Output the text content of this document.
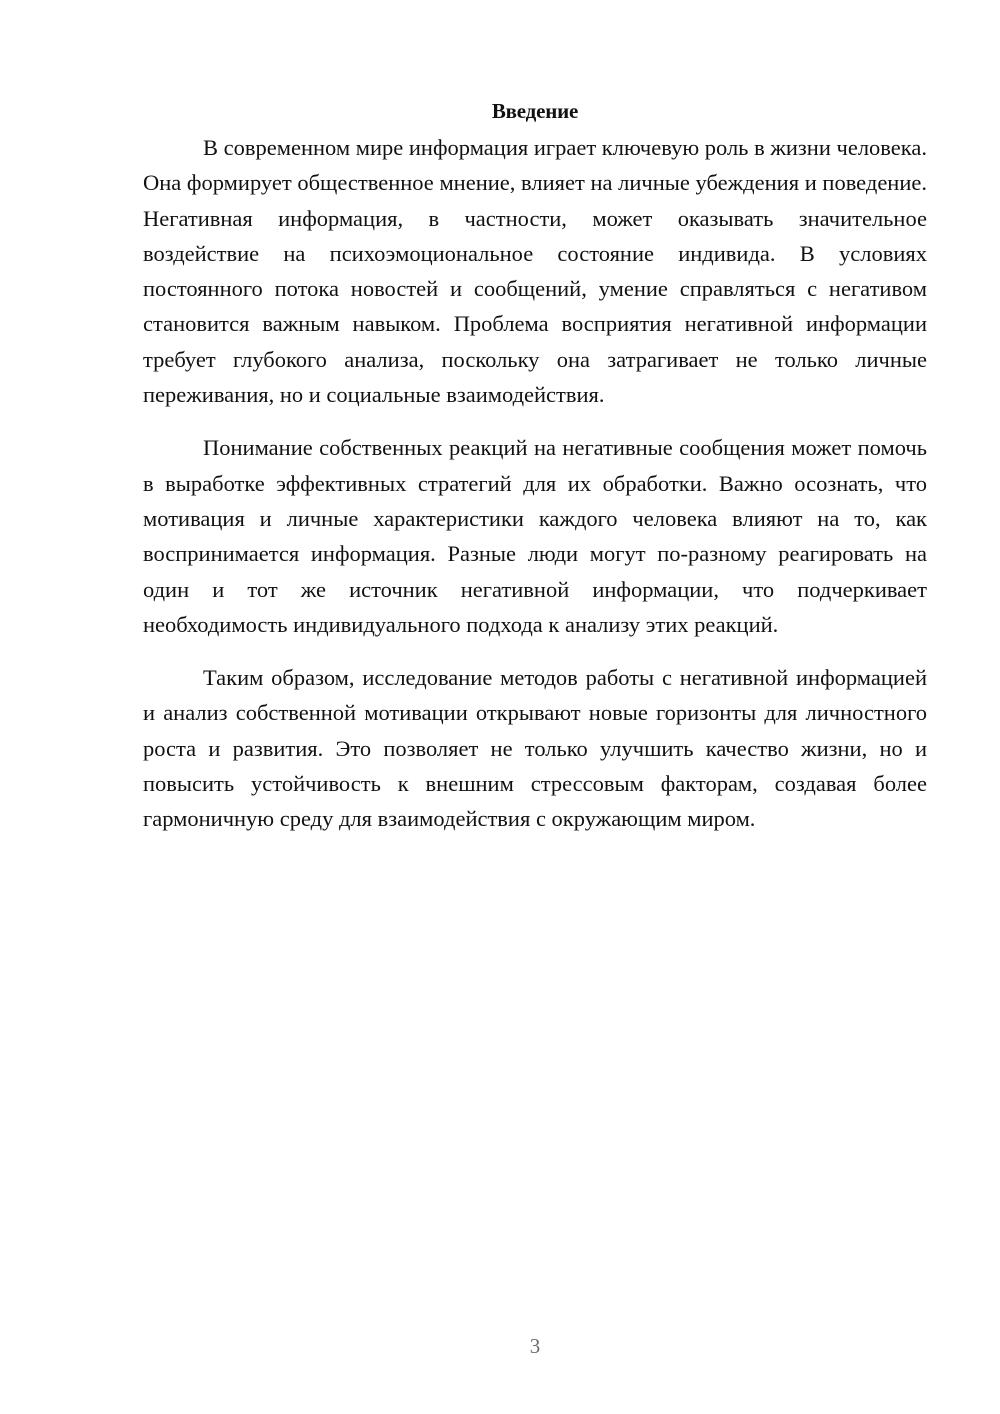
Введение

В современном мире информация играет ключевую роль в жизни человека. Она формирует общественное мнение, влияет на личные убеждения и поведение. Негативная информация, в частности, может оказывать значительное воздействие на психоэмоциональное состояние индивида. В условиях постоянного потока новостей и сообщений, умение справляться с негативом становится важным навыком. Проблема восприятия негативной информации требует глубокого анализа, поскольку она затрагивает не только личные переживания, но и социальные взаимодействия.

Понимание собственных реакций на негативные сообщения может помочь в выработке эффективных стратегий для их обработки. Важно осознать, что мотивация и личные характеристики каждого человека влияют на то, как воспринимается информация. Разные люди могут по-разному реагировать на один и тот же источник негативной информации, что подчеркивает необходимость индивидуального подхода к анализу этих реакций.

Таким образом, исследование методов работы с негативной информацией и анализ собственной мотивации открывают новые горизонты для личностного роста и развития. Это позволяет не только улучшить качество жизни, но и повысить устойчивость к внешним стрессовым факторам, создавая более гармоничную среду для взаимодействия с окружающим миром.

3
